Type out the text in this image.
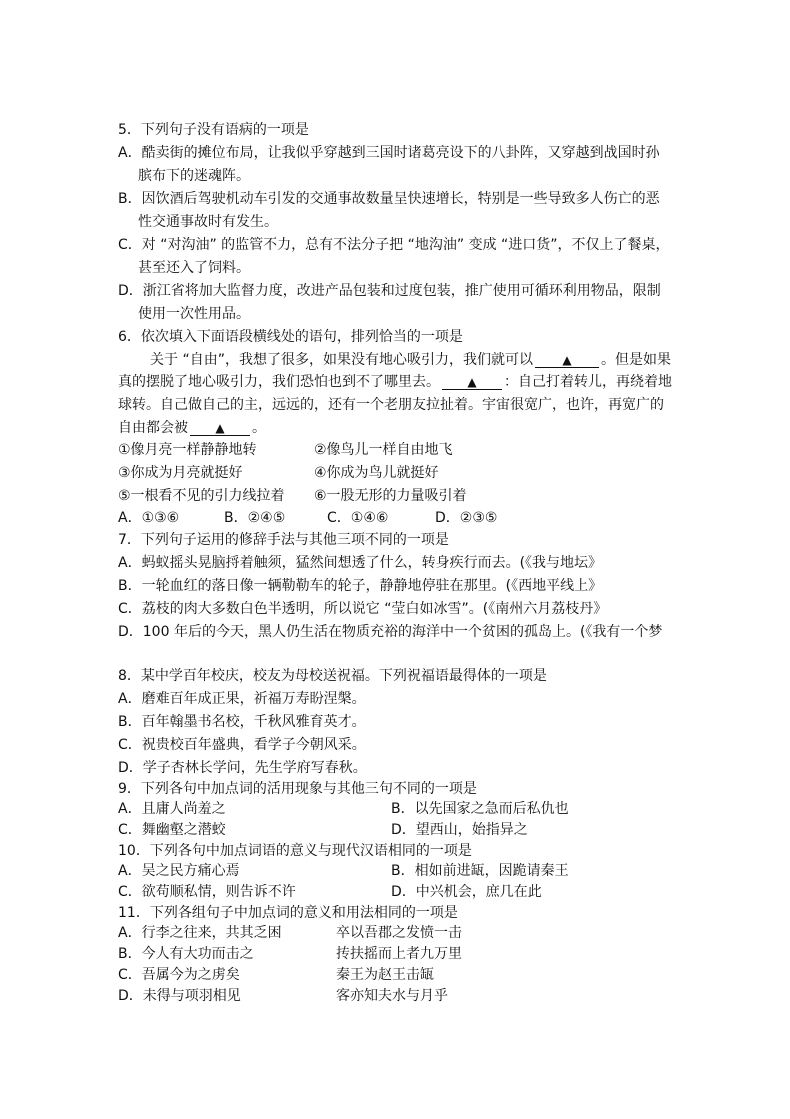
5．下列句子没有语病的一项是
A．酷卖街的摊位布局，让我似乎穿越到三国时诸葛亮设下的八卦阵，又穿越到战国时孙
膑布下的迷魂阵。
B．因饮酒后驾驶机动车引发的交通事故数量呈快速增长，特别是一些导致多人伤亡的恶
性交通事故时有发生。
C．对 “对沟油” 的监管不力，总有不法分子把 “地沟油” 变成 “进口货”，不仅上了餐桌，
甚至还入了饲料。
D．浙江省将加大监督力度，改进产品包装和过度包装，推广使用可循环利用物品，限制
使用一次性用品。
6．依次填入下面语段横线处的语句，排列恰当的一项是
关于 “自由”，我想了很多，如果没有地心吸引力，我们就可以 ▲ 。但是如果
真的摆脱了地心吸引力，我们恐怕也到不了哪里去。 ▲ ：自己打着转儿，再绕着地
球转。自己做自己的主，远远的，还有一个老朋友拉扯着。宇宙很宽广，也许，再宽广的
自由都会被 ▲ 。
①像月亮一样静静地转	②像鸟儿一样自由地飞
③你成为月亮就挺好	④你成为鸟儿就挺好
⑤一根看不见的引力线拉着 ⑥一股无形的力量吸引着
A．①③⑥	B．②④⑤	C．①④⑥	D．②③⑤
7．下列句子运用的修辞手法与其他三项不同的一项是
A．蚂蚁摇头晃脑捋着触须，猛然间想透了什么，转身疾行而去。(《我与地坛》
B．一轮血红的落日像一辆勒勒车的轮子，静静地停驻在那里。(《西地平线上》
C．荔枝的肉大多数白色半透明，所以说它 “莹白如冰雪”。(《南州六月荔枝丹》
D．100 年后的今天，黑人仍生活在物质充裕的海洋中一个贫困的孤岛上。(《我有一个梦
8．某中学百年校庆，校友为母校送祝福。下列祝福语最得体的一项是
A．磨难百年成正果，祈福万寿盼涅槃。
B．百年翰墨书名校，千秋风雅育英才。
C．祝贵校百年盛典，看学子今朝风采。
D．学子杏林长学问，先生学府写春秋。
9．下列各句中加点词的活用现象与其他三句不同的一项是
A．且庸人尚羞之	B．以先国家之急而后私仇也
C．舞幽壑之潜蛟	D．望西山，始指异之
10．下列各句中加点词语的意义与现代汉语相同的一项是
A．吴之民方痛心焉	B．相如前进缻，因跪请秦王
C．欲苟顺私情，则告诉不许	D．中兴机会，庶几在此
11．下列各组句子中加点词的意义和用法相同的一项是
A．行李之往来，共其乏困	卒以吾郡之发愤一击
B．今人有大功而击之	抟扶摇而上者九万里
C．吾属今为之虏矣	秦王为赵王击缻
D．未得与项羽相见	客亦知夫水与月乎
